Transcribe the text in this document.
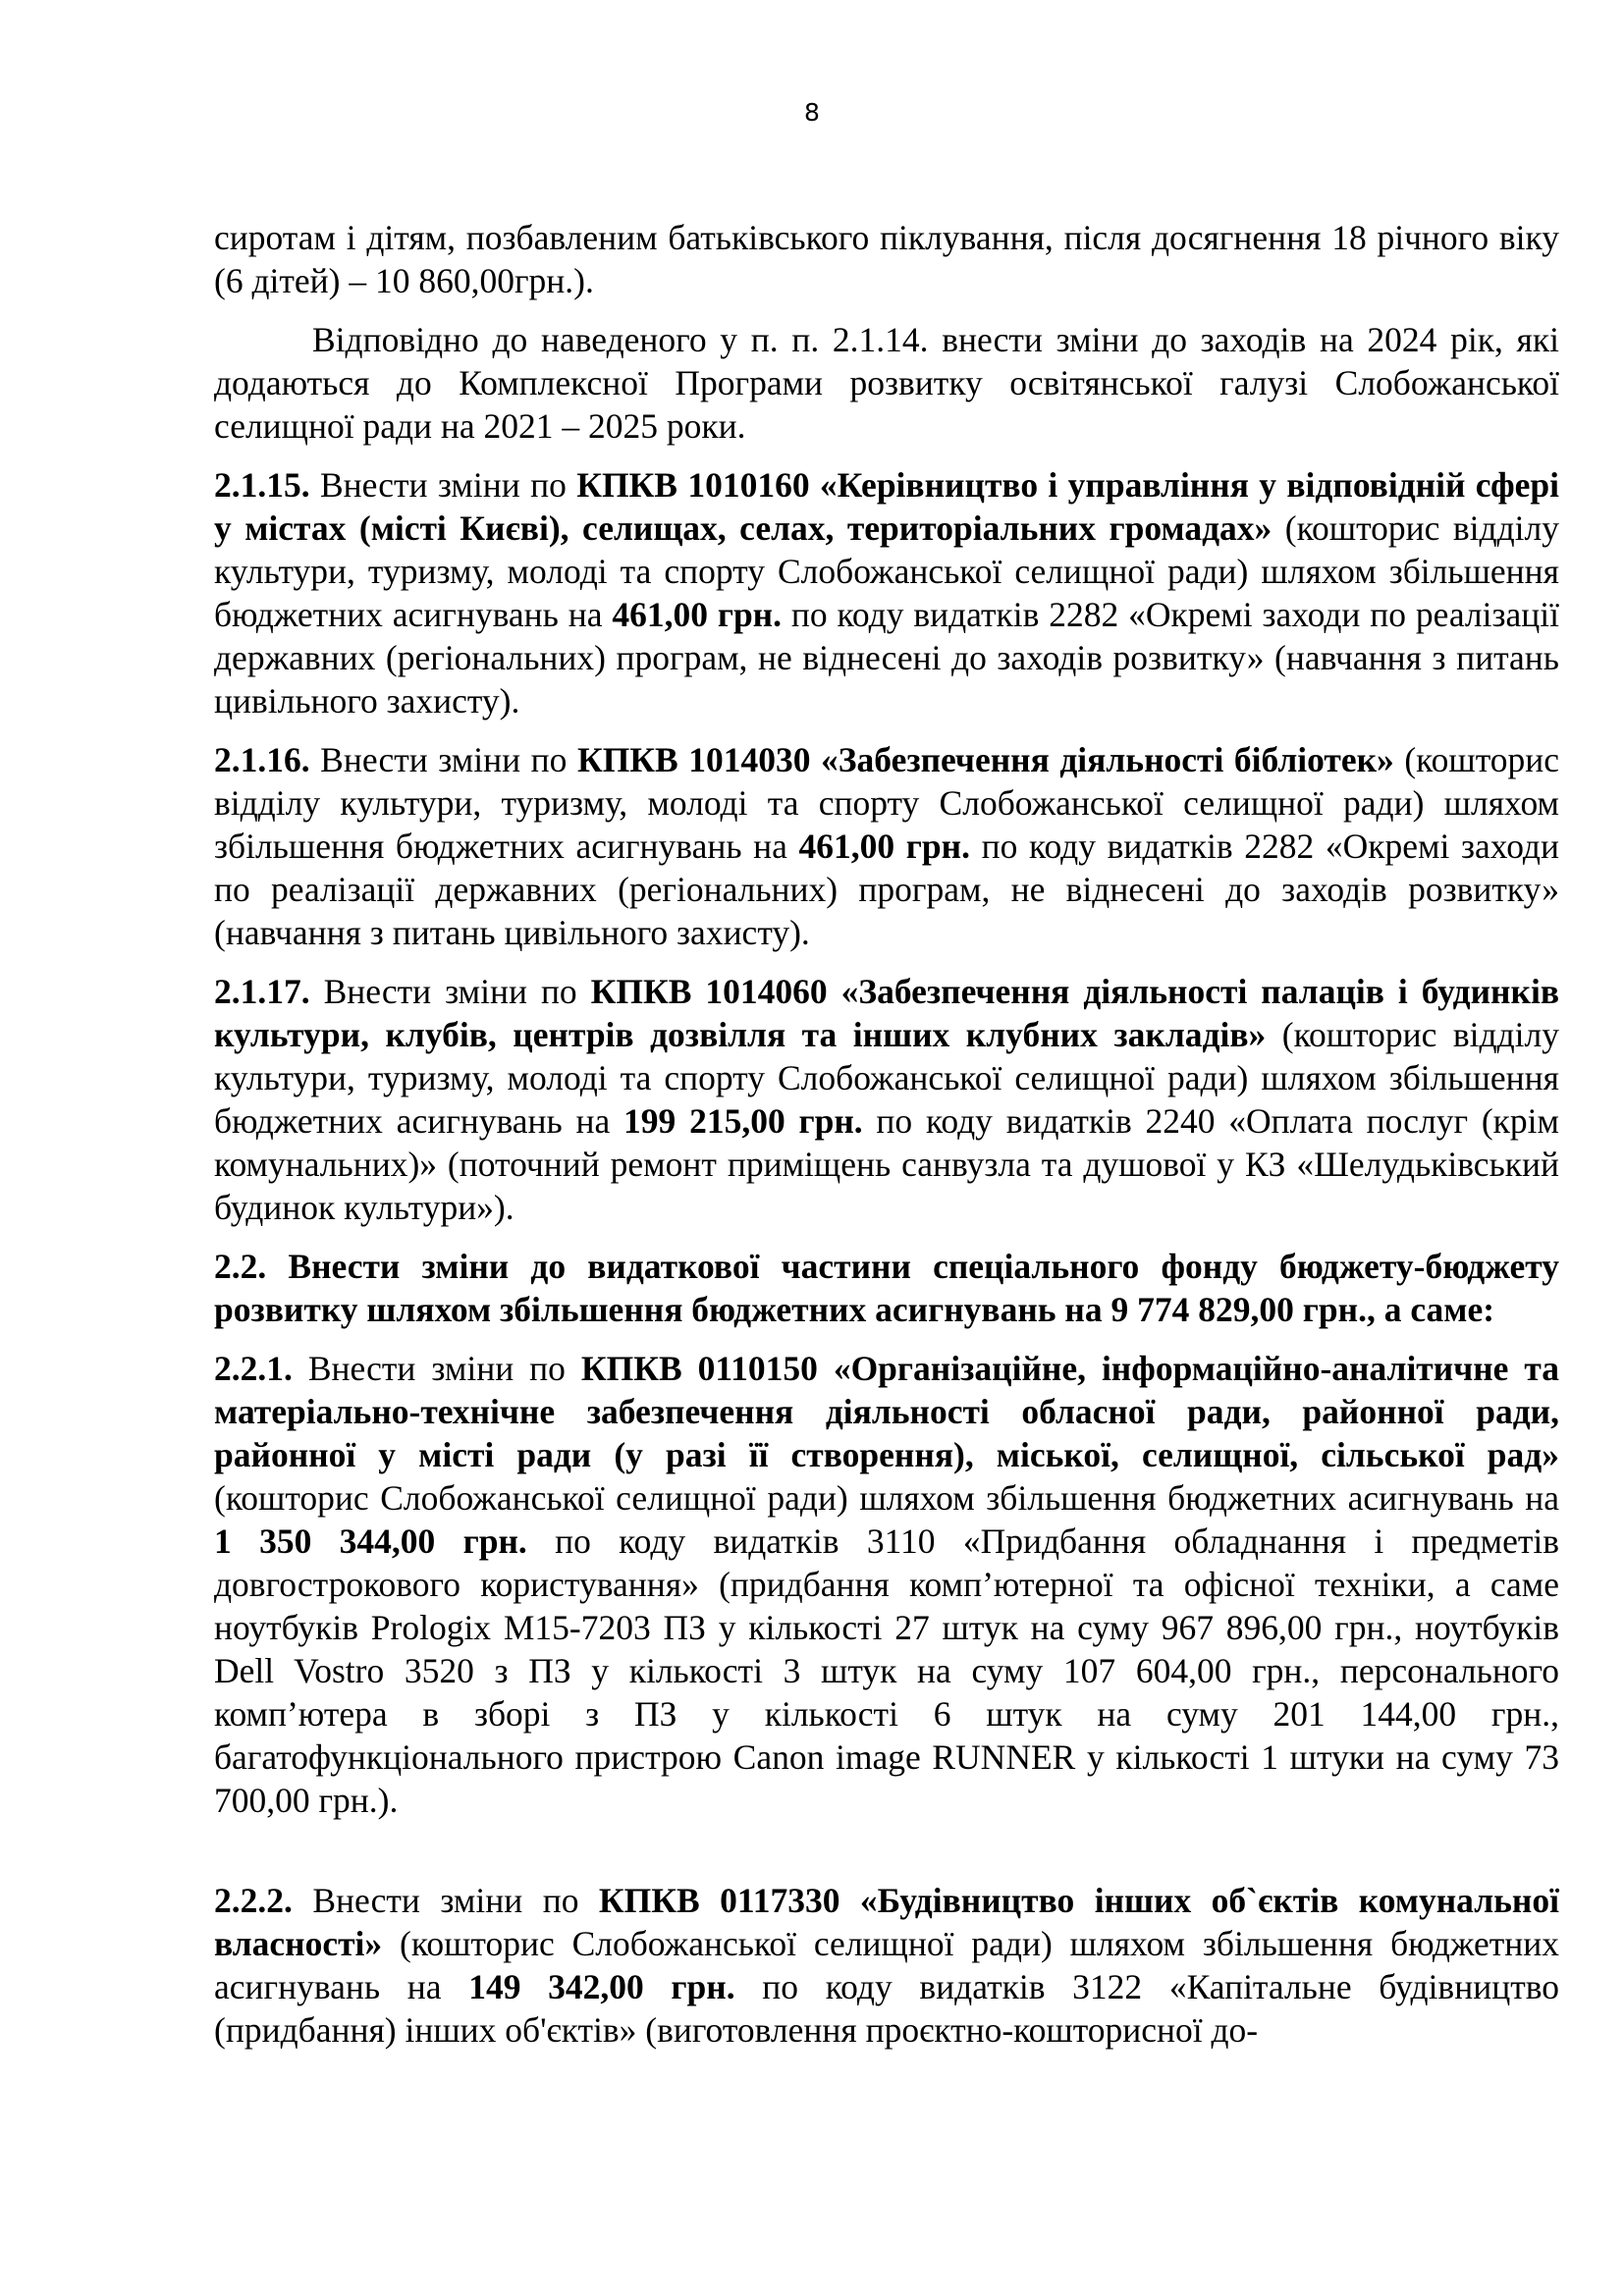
8

сиротам і дітям, позбавленим батьківського піклування, після досягнення 18 річного віку (6 дітей) – 10 860,00грн.).

Відповідно до наведеного у п. п. 2.1.14. внести зміни до заходів на 2024 рік, які додаються до Комплексної Програми розвитку освітянської галузі Слобожанської селищної ради на 2021 – 2025 роки.

2.1.15. Внести зміни по КПКВ 1010160 «Керівництво і управління у відповідній сфері у містах (місті Києві), селищах, селах, територіальних громадах» (кошторис відділу культури, туризму, молоді та спорту Слобожанської селищної ради) шляхом збільшення бюджетних асигнувань на 461,00 грн. по коду видатків 2282 «Окремі заходи по реалізації державних (регіональних) програм, не віднесені до заходів розвитку» (навчання з питань цивільного захисту).

2.1.16. Внести зміни по КПКВ 1014030 «Забезпечення діяльності бібліотек» (кошторис відділу культури, туризму, молоді та спорту Слобожанської селищної ради) шляхом збільшення бюджетних асигнувань на 461,00 грн. по коду видатків 2282 «Окремі заходи по реалізації державних (регіональних) програм, не віднесені до заходів розвитку» (навчання з питань цивільного захисту).

2.1.17. Внести зміни по КПКВ 1014060 «Забезпечення діяльності палаців і будинків культури, клубів, центрів дозвілля та інших клубних закладів» (кошторис відділу культури, туризму, молоді та спорту Слобожанської селищної ради) шляхом збільшення бюджетних асигнувань на 199 215,00 грн. по коду видатків 2240 «Оплата послуг (крім комунальних)» (поточний ремонт приміщень санвузла та душової у КЗ «Шелудьківський будинок культури»).

2.2. Внести зміни до видаткової частини спеціального фонду бюджету-бюджету розвитку шляхом збільшення бюджетних асигнувань на 9 774 829,00 грн., а саме:

2.2.1. Внести зміни по КПКВ 0110150 «Організаційне, інформаційно-аналітичне та матеріально-технічне забезпечення діяльності обласної ради, районної ради, районної у місті ради (у разі її створення), міської, селищної, сільської рад» (кошторис Слобожанської селищної ради) шляхом збільшення бюджетних асигнувань на 1 350 344,00 грн. по коду видатків 3110 «Придбання обладнання і предметів довгострокового користування» (придбання комп’ютерної та офісної техніки, а саме ноутбуків Prologix M15-7203 ПЗ у кількості 27 штук на суму 967 896,00 грн., ноутбуків Dell Vostro 3520 з ПЗ у кількості 3 штук на суму 107 604,00 грн., персонального комп’ютера в зборі з ПЗ у кількості 6 штук на суму 201 144,00 грн., багатофункціонального пристрою Canon image RUNNER у кількості 1 штуки на суму 73 700,00 грн.).

2.2.2. Внести зміни по КПКВ 0117330 «Будівництво інших об`єктів комунальної власності» (кошторис Слобожанської селищної ради) шляхом збільшення бюджетних асигнувань на 149 342,00 грн. по коду видатків 3122 «Капітальне будівництво (придбання) інших об'єктів» (виготовлення проєктно-кошторисної до-
